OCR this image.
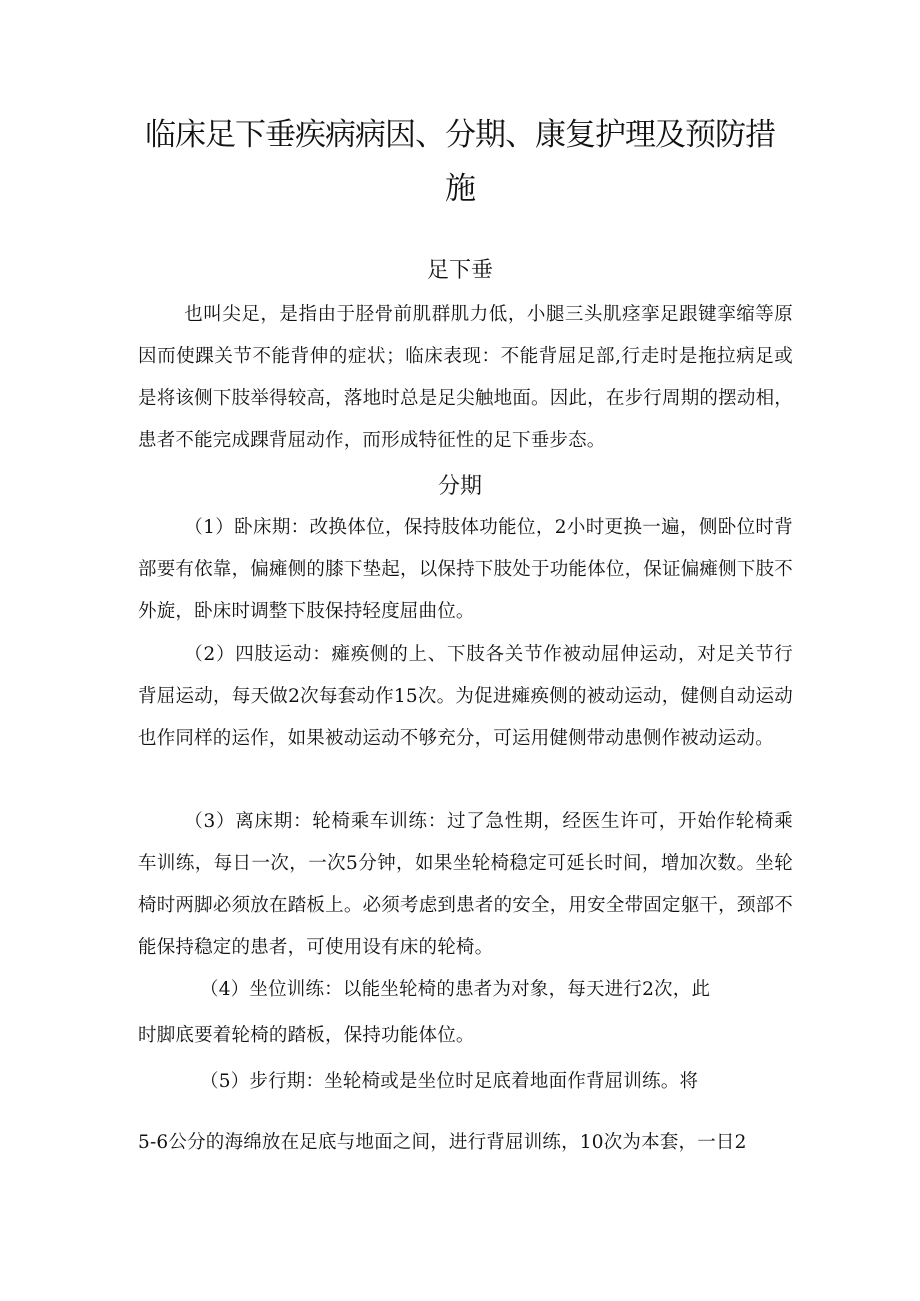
临床足下垂疾病病因、分期、康复护理及预防措施
足下垂

也叫尖足，是指由于胫骨前肌群肌力低，小腿三头肌痉挛足跟键挛缩等原因而使踝关节不能背伸的症状；临床表现：不能背屈足部,行走时是拖拉病足或是将该侧下肢举得较高，落地时总是足尖触地面。因此，在步行周期的摆动相，患者不能完成踝背屈动作，而形成特征性的足下垂步态。

分期

（1）卧床期：改换体位，保持肢体功能位，2小时更换一遍，侧卧位时背部要有依靠，偏瘫侧的膝下垫起，以保持下肢处于功能体位，保证偏瘫侧下肢不外旋，卧床时调整下肢保持轻度屈曲位。

（2）四肢运动：瘫痪侧的上、下肢各关节作被动屈伸运动，对足关节行背屈运动，每天做2次每套动作15次。为促进瘫痪侧的被动运动，健侧自动运动也作同样的运作，如果被动运动不够充分，可运用健侧带动患侧作被动运动。

（3）离床期：轮椅乘车训练：过了急性期，经医生许可，开始作轮椅乘车训练，每日一次，一次5分钟，如果坐轮椅稳定可延长时间，增加次数。坐轮椅时两脚必须放在踏板上。必须考虑到患者的安全，用安全带固定躯干，颈部不能保持稳定的患者，可使用设有床的轮椅。

（4）坐位训练：以能坐轮椅的患者为对象，每天进行2次，此

时脚底要着轮椅的踏板，保持功能体位。

（5）步行期：坐轮椅或是坐位时足底着地面作背屈训练。将

5-6公分的海绵放在足底与地面之间，进行背屈训练，10次为本套，一日2
